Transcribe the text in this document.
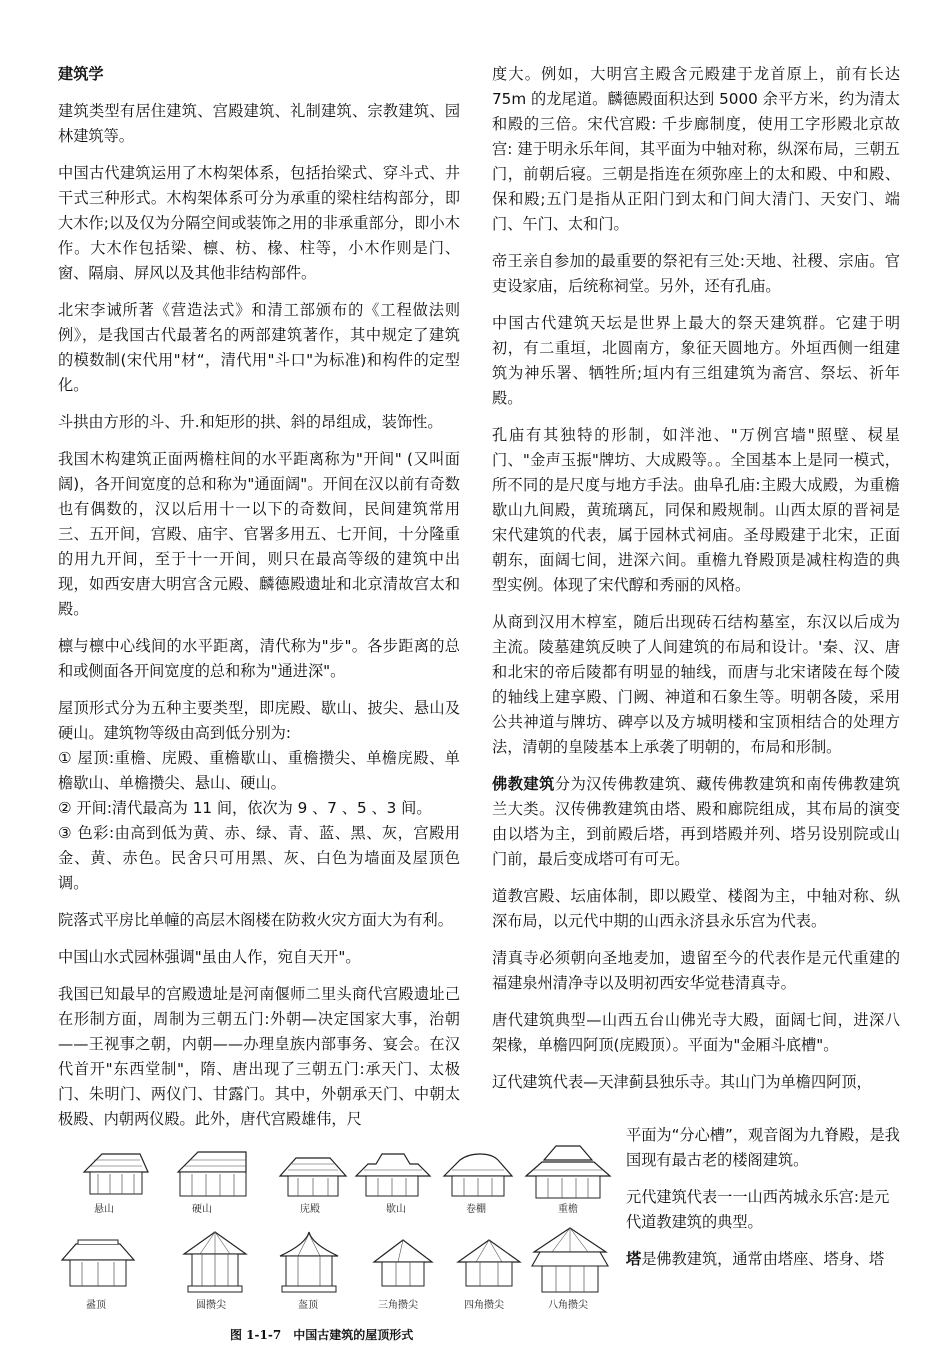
建筑学

建筑类型有居住建筑、宫殿建筑、礼制建筑、宗教建筑、园林建筑等。

中国古代建筑运用了木构架体系，包括抬梁式、穿斗式、井干式三种形式。木构架体系可分为承重的梁柱结构部分，即大木作;以及仅为分隔空间或装饰之用的非承重部分，即小木作。大木作包括梁、檩、枋、椽、柱等，小木作则是门、窗、隔扇、屏风以及其他非结构部件。

北宋李诫所著《营造法式》和清工部颁布的《工程做法则例》，是我国古代最著名的两部建筑著作，其中规定了建筑的模数制(宋代用"材“，清代用"斗口"为标准)和构件的定型化。

斗拱由方形的斗、升.和矩形的拱、斜的昂组成，装饰性。

我国木构建筑正面两檐柱间的水平距离称为"开间" (又叫面阔)，各开间宽度的总和称为"通面阔"。开间在汉以前有奇数也有偶数的，汉以后用十一以下的奇数间，民间建筑常用三、五开间，宫殿、庙宇、官署多用五、七开间，十分隆重的用九开间，至于十一开间，则只在最高等级的建筑中出现，如西安唐大明宫含元殿、麟德殿遗址和北京清故宫太和殿。

檩与檩中心线间的水平距离，清代称为"步"。各步距离的总和或侧面各开间宽度的总和称为"通进深"。

屋顶形式分为五种主要类型，即庑殿、歇山、披尖、悬山及硬山。建筑物等级由高到低分别为:
① 屋顶:重檐、庑殿、重檐歇山、重檐攒尖、单檐庑殿、单檐歇山、单檐攒尖、悬山、硬山。
② 开间:清代最高为 11 间，依次为 9 、7 、5 、3 间。
③ 色彩:由高到低为黄、赤、绿、青、蓝、黑、灰，宫殿用金、黄、赤色。民舍只可用黑、灰、白色为墙面及屋顶色调。

院落式平房比单幢的高层木阁楼在防救火灾方面大为有利。

中国山水式园林强调"虽由人作，宛自天开"。

我国已知最早的宫殿遗址是河南偃师二里头商代宫殿遗址己在形制方面，周制为三朝五门:外朝—决定国家大事，治朝——王视事之朝，内朝——办理皇族内部事务、宴会。在汉代首开"东西堂制"，隋、唐出现了三朝五门:承天门、太极门、朱明门、两仪门、甘露门。其中，外朝承天门、中朝太极殿、内朝两仪殿。此外，唐代宫殿雄伟，尺

度大。例如，大明宫主殿含元殿建于龙首原上，前有长达 75m 的龙尾道。麟德殿面积达到 5000 余平方米，约为清太和殿的三倍。宋代宫殿: 千步廊制度，使用工字形殿北京故宫: 建于明永乐年间，其平面为中轴对称，纵深布局，三朝五门，前朝后寝。三朝是指连在须弥座上的太和殿、中和殿、保和殿;五门是指从正阳门到太和门间大清门、天安门、端门、午门、太和门。

帝王亲自参加的最重要的祭祀有三处:天地、社稷、宗庙。官吏设家庙，后统称祠堂。另外，还有孔庙。

中国古代建筑天坛是世界上最大的祭天建筑群。它建于明初，有二重垣，北圆南方，象征天圆地方。外垣西侧一组建筑为神乐署、牺牲所;垣内有三组建筑为斋宫、祭坛、祈年殿。

孔庙有其独特的形制，如泮池、"万例宫墙"照壁、棂星门、"金声玉振"牌坊、大成殿等。。全国基本上是同一模式，所不同的是尺度与地方手法。曲阜孔庙:主殿大成殿，为重檐歇山九间殿，黄琉璃瓦，同保和殿规制。山西太原的晋祠是宋代建筑的代表，属于园林式祠庙。圣母殿建于北宋，正面朝东，面阔七间，进深六间。重檐九脊殿顶是减柱构造的典型实例。体现了宋代醇和秀丽的风格。

从商到汉用木椁室，随后出现砖石结构墓室，东汉以后成为主流。陵墓建筑反映了人间建筑的布局和设计。'秦、汉、唐和北宋的帝后陵都有明显的轴线，而唐与北宋诸陵在每个陵的轴线上建享殿、门阙、神道和石象生等。明朝各陵，采用公共神道与牌坊、碑亭以及方城明楼和宝顶相结合的处理方法，清朝的皇陵基本上承袭了明朝的，布局和形制。

佛教建筑分为汉传佛教建筑、藏传佛教建筑和南传佛教建筑兰大类。汉传佛教建筑由塔、殿和廊院组成，其布局的演变由以塔为主，到前殿后塔，再到塔殿并列、塔另设别院或山门前，最后变成塔可有可无。

道教宫殿、坛庙体制，即以殿堂、楼阁为主，中轴对称、纵深布局，以元代中期的山西永济县永乐宫为代表。

清真寺必须朝向圣地麦加，遗留至今的代表作是元代重建的福建泉州清净寺以及明初西安华觉巷清真寺。

唐代建筑典型—山西五台山佛光寺大殿，面阔七间，进深八架椽，单檐四阿顶(庑殿顶）。平面为"金厢斗底槽"。

辽代建筑代表—天津蓟县独乐寺。其山门为单檐四阿顶，

平面为“分心槽”，观音阁为九脊殿，是我国现有最古老的楼阁建筑。

元代建筑代表一一山西芮城永乐宫:是元代道教建筑的典型。

塔是佛教建筑，通常由塔座、塔身、塔

悬山	硬山	庑殿	歇山	卷棚	重檐
盝顶	圆攒尖	盔顶	三角攒尖	四角攒尖	八角攒尖
图 1-1-7　中国古建筑的屋顶形式
